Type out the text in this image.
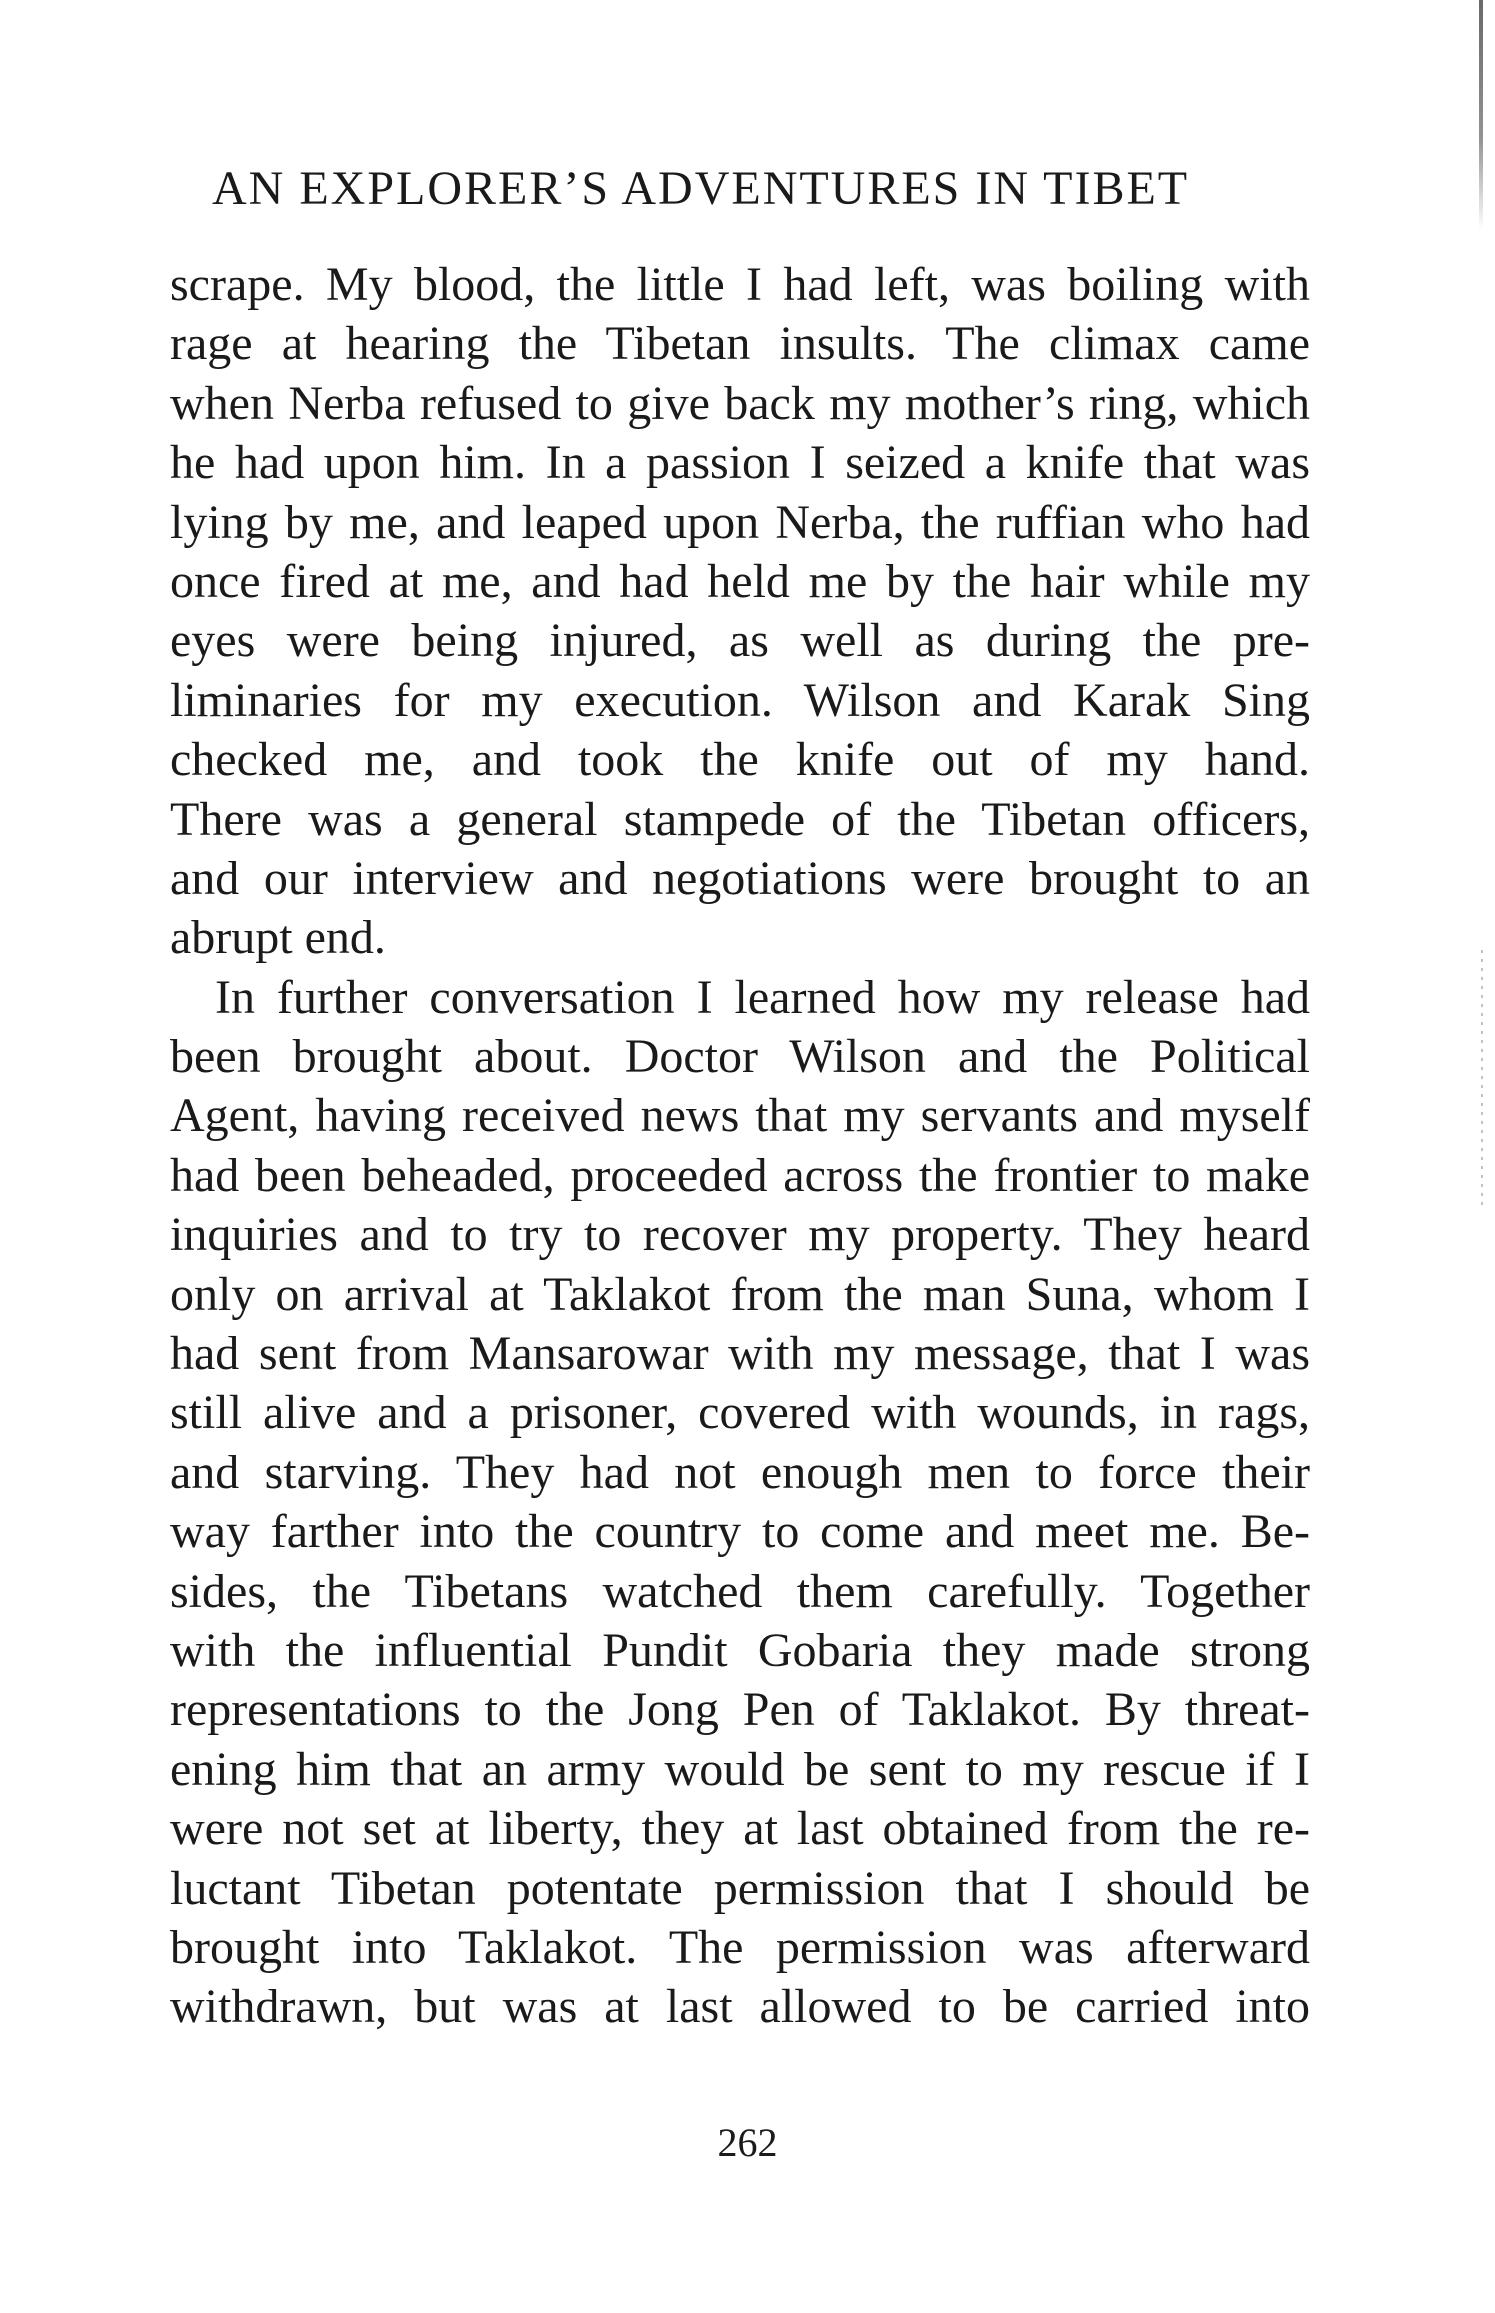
AN EXPLORER’S ADVENTURES IN TIBET
scrape. My blood, the little I had left, was boiling with
rage at hearing the Tibetan insults. The climax came
when Nerba refused to give back my mother’s ring, which
he had upon him. In a passion I seized a knife that was
lying by me, and leaped upon Nerba, the ruffian who had
once fired at me, and had held me by the hair while my
eyes were being injured, as well as during the pre-
liminaries for my execution. Wilson and Karak Sing
checked me, and took the knife out of my hand.
There was a general stampede of the Tibetan officers,
and our interview and negotiations were brought to an
abrupt end.
In further conversation I learned how my release had
been brought about. Doctor Wilson and the Political
Agent, having received news that my servants and myself
had been beheaded, proceeded across the frontier to make
inquiries and to try to recover my property. They heard
only on arrival at Taklakot from the man Suna, whom I
had sent from Mansarowar with my message, that I was
still alive and a prisoner, covered with wounds, in rags,
and starving. They had not enough men to force their
way farther into the country to come and meet me. Be-
sides, the Tibetans watched them carefully. Together
with the influential Pundit Gobaria they made strong
representations to the Jong Pen of Taklakot. By threat-
ening him that an army would be sent to my rescue if I
were not set at liberty, they at last obtained from the re-
luctant Tibetan potentate permission that I should be
brought into Taklakot. The permission was afterward
withdrawn, but was at last allowed to be carried into
262
